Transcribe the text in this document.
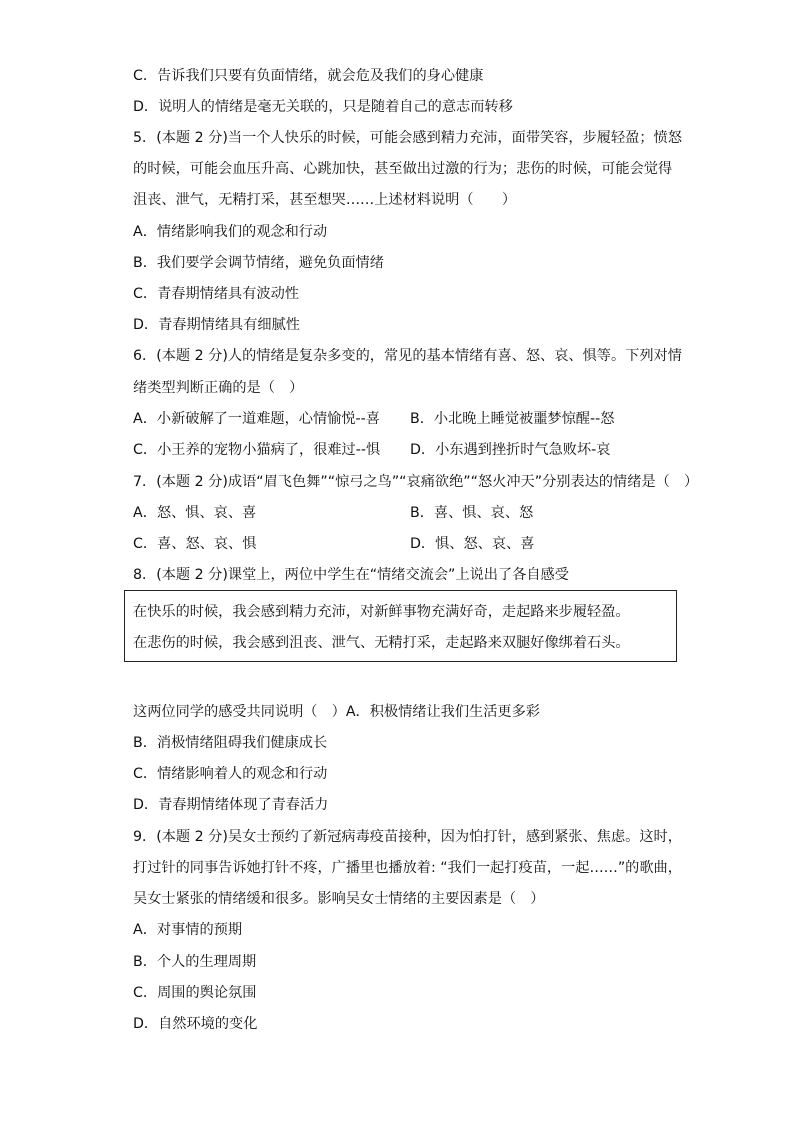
C．告诉我们只要有负面情绪，就会危及我们的身心健康
D．说明人的情绪是毫无关联的，只是随着自己的意志而转移
5．(本题 2 分)当一个人快乐的时候，可能会感到精力充沛，面带笑容，步履轻盈；愤怒
的时候，可能会血压升高、心跳加快，甚至做出过激的行为；悲伤的时候，可能会觉得
沮丧、泄气，无精打采，甚至想哭……上述材料说明（　　）
A．情绪影响我们的观念和行动
B．我们要学会调节情绪，避免负面情绪
C．青春期情绪具有波动性
D．青春期情绪具有细腻性
6．(本题 2 分)人的情绪是复杂多变的，常见的基本情绪有喜、怒、哀、惧等。下列对情
绪类型判断正确的是（　）
A．小新破解了一道难题，心情愉悦--喜 B．小北晚上睡觉被噩梦惊醒--怒
C．小王养的宠物小猫病了，很难过--惧 D．小东遇到挫折时气急败坏-哀
7．(本题 2 分)成语“眉飞色舞”“惊弓之鸟”“哀痛欲绝”“怒火冲天”分别表达的情绪是（　）
A．怒、惧、哀、喜	B．喜、惧、哀、怒
C．喜、怒、哀、惧	D．惧、怒、哀、喜
8．(本题 2 分)课堂上，两位中学生在“情绪交流会”上说出了各自感受
在快乐的时候，我会感到精力充沛，对新鲜事物充满好奇，走起路来步履轻盈。
在悲伤的时候，我会感到沮丧、泄气、无精打采，走起路来双腿好像绑着石头。
这两位同学的感受共同说明（　）A．积极情绪让我们生活更多彩
B．消极情绪阻碍我们健康成长
C．情绪影响着人的观念和行动
D．青春期情绪体现了青春活力
9．(本题 2 分)吴女士预约了新冠病毒疫苗接种，因为怕打针，感到紧张、焦虑。这时，
打过针的同事告诉她打针不疼，广播里也播放着: “我们一起打疫苗，一起……”的歌曲，
吴女士紧张的情绪缓和很多。影响吴女士情绪的主要因素是（　）
A．对事情的预期
B．个人的生理周期
C．周围的舆论氛围
D．自然环境的变化
